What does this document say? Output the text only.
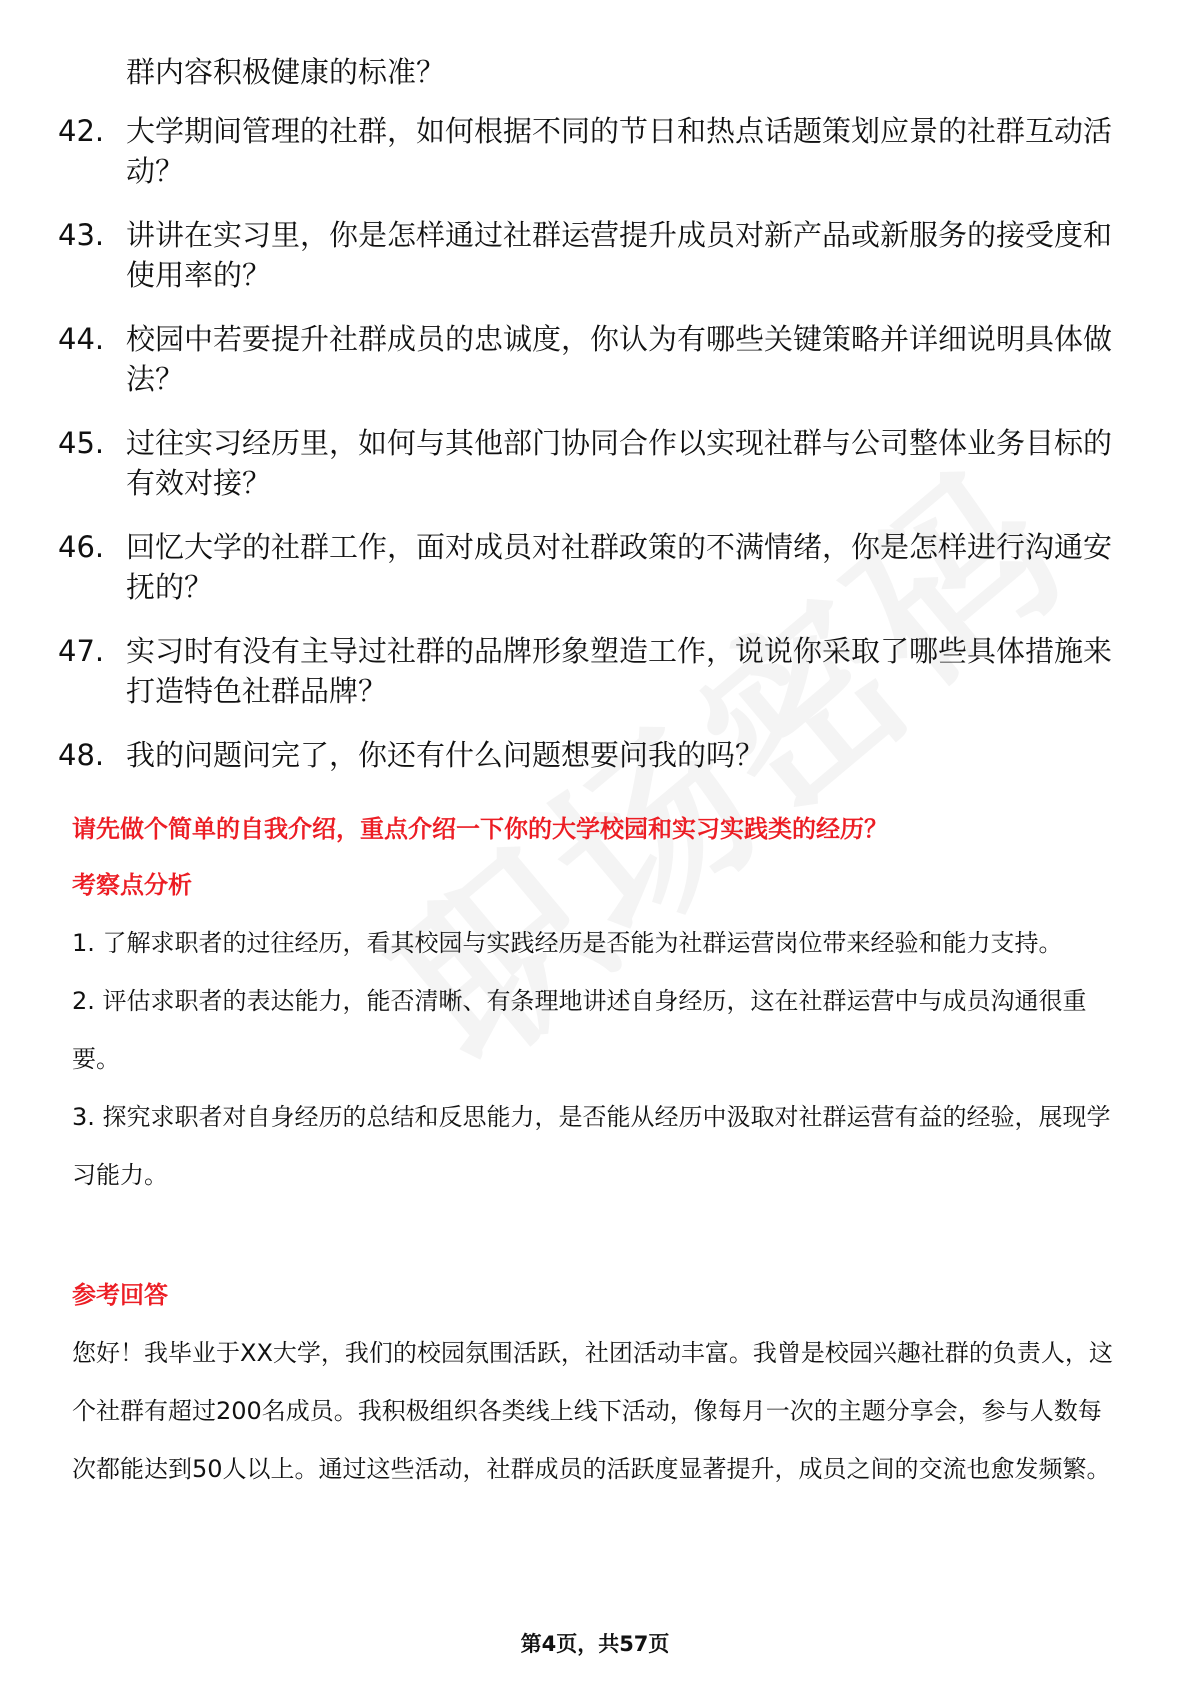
群内容积极健康的标准？
42. 大学期间管理的社群，如何根据不同的节日和热点话题策划应景的社群互动活动？
43. 讲讲在实习里，你是怎样通过社群运营提升成员对新产品或新服务的接受度和使用率的？
44. 校园中若要提升社群成员的忠诚度，你认为有哪些关键策略并详细说明具体做法？
45. 过往实习经历里，如何与其他部门协同合作以实现社群与公司整体业务目标的有效对接？
46. 回忆大学的社群工作，面对成员对社群政策的不满情绪，你是怎样进行沟通安抚的？
47. 实习时有没有主导过社群的品牌形象塑造工作，说说你采取了哪些具体措施来打造特色社群品牌？
48. 我的问题问完了，你还有什么问题想要问我的吗？
请先做个简单的自我介绍，重点介绍一下你的大学校园和实习实践类的经历？
考察点分析

1. 了解求职者的过往经历，看其校园与实践经历是否能为社群运营岗位带来经验和能力支持。

2. 评估求职者的表达能力，能否清晰、有条理地讲述自身经历，这在社群运营中与成员沟通很重要。

3. 探究求职者对自身经历的总结和反思能力，是否能从经历中汲取对社群运营有益的经验，展现学习能力。

参考回答

您好！我毕业于XX大学，我们的校园氛围活跃，社团活动丰富。我曾是校园兴趣社群的负责人，这个社群有超过200名成员。我积极组织各类线上线下活动，像每月一次的主题分享会，参与人数每次都能达到50人以上。通过这些活动，社群成员的活跃度显著提升，成员之间的交流也愈发频繁。

第4页，共57页
